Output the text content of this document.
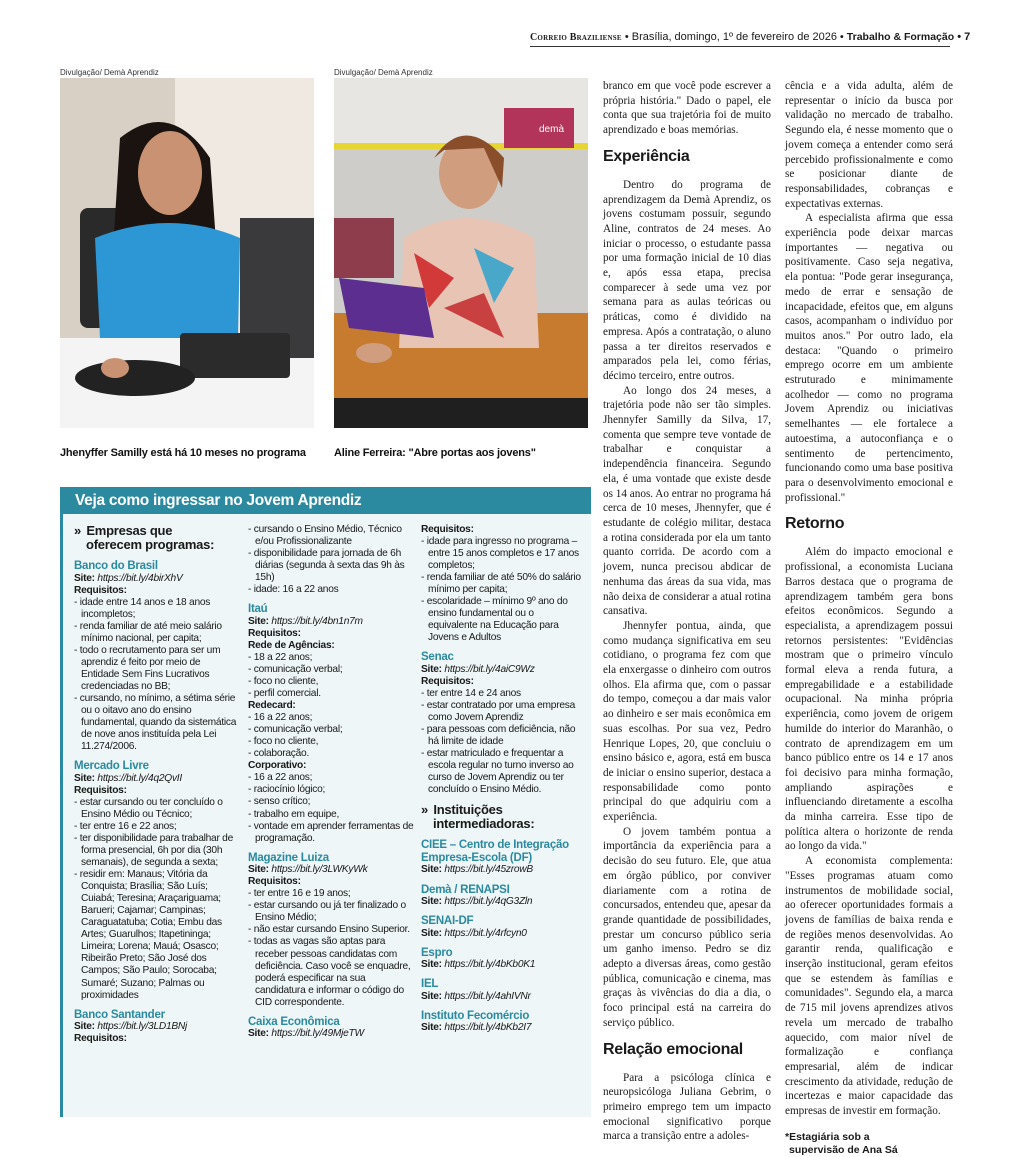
Correio Braziliense • Brasília, domingo, 1º de fevereiro de 2026 • Trabalho & Formação • 7
Divulgação/ Demà Aprendiz
Jhenyffer Samilly está há 10 meses no programa
Divulgação/ Demà Aprendiz
demà
Aline Ferreira: "Abre portas aos jovens"
Veja como ingressar no Jovem Aprendiz
» Empresas que
oferecem programas:
Banco do Brasil
Site: https://bit.ly/4birXhV
Requisitos:
- idade entre 14 anos e 18 anos incompletos;
- renda familiar de até meio salário mínimo nacional, per capita;
- todo o recrutamento para ser um aprendiz é feito por meio de Entidade Sem Fins Lucrativos credenciadas no BB;
- cursando, no mínimo, a sétima série ou o oitavo ano do ensino fundamental, quando da sistemática de nove anos instituída pela Lei 11.274/2006.
Mercado Livre
Site: https://bit.ly/4q2QvII
Requisitos:
- estar cursando ou ter concluído o Ensino Médio ou Técnico;
- ter entre 16 e 22 anos;
- ter disponibilidade para trabalhar de forma presencial, 6h por dia (30h semanais), de segunda a sexta;
- residir em: Manaus; Vitória da Conquista; Brasília; São Luís; Cuiabá; Teresina; Araçariguama; Barueri; Cajamar; Campinas; Caraguatatuba; Cotia; Embu das Artes; Guarulhos; Itapetininga; Limeira; Lorena; Mauá; Osasco; Ribeirão Preto; São José dos Campos; São Paulo; Sorocaba; Sumaré; Suzano; Palmas ou proximidades
Banco Santander
Site: https://bit.ly/3LD1BNj
Requisitos:
- cursando o Ensino Médio, Técnico e/ou Profissionalizante
- disponibilidade para jornada de 6h diárias (segunda à sexta das 9h às 15h)
- idade: 16 a 22 anos
Itaú
Site: https://bit.ly/4bn1n7m
Requisitos:
Rede de Agências:
- 18 a 22 anos;
- comunicação verbal;
- foco no cliente,
- perfil comercial.
Redecard:
- 16 a 22 anos;
- comunicação verbal;
- foco no cliente,
- colaboração.
Corporativo:
- 16 a 22 anos;
- raciocínio lógico;
- senso crítico;
- trabalho em equipe,
- vontade em aprender ferramentas de programação.
Magazine Luiza
Site: https://bit.ly/3LWKyWk
Requisitos:
- ter entre 16 e 19 anos;
- estar cursando ou já ter finalizado o Ensino Médio;
- não estar cursando Ensino Superior.
- todas as vagas são aptas para receber pessoas candidatas com deficiência. Caso você se enquadre, poderá especificar na sua candidatura e informar o código do CID correspondente.
Caixa Econômica
Site: https://bit.ly/49MjeTW
Requisitos:
- idade para ingresso no programa – entre 15 anos completos e 17 anos completos;
- renda familiar de até 50% do salário mínimo per capita;
- escolaridade – mínimo 9º ano do ensino fundamental ou o equivalente na Educação para Jovens e Adultos
Senac
Site: https://bit.ly/4aiC9Wz
Requisitos:
- ter entre 14 e 24 anos
- estar contratado por uma empresa como Jovem Aprendiz
- para pessoas com deficiência, não há limite de idade
- estar matriculado e frequentar a escola regular no turno inverso ao curso de Jovem Aprendiz ou ter concluído o Ensino Médio.
» Instituições
intermediadoras:
CIEE – Centro de Integração Empresa-Escola (DF)
Site: https://bit.ly/45zrowB
Demà / RENAPSI
Site: https://bit.ly/4qG3Zln
SENAI-DF
Site: https://bit.ly/4rfcyn0
Espro
Site: https://bit.ly/4bKb0K1
IEL
Site: https://bit.ly/4ahIVNr
Instituto Fecomércio
Site: https://bit.ly/4bKb2I7

branco em que você pode escrever a própria história." Dado o papel, ele conta que sua trajetória foi de muito aprendizado e boas memórias.

Experiência

Dentro do programa de aprendizagem da Demà Aprendiz, os jovens costumam possuir, segundo Aline, contratos de 24 meses. Ao iniciar o processo, o estudante passa por uma formação inicial de 10 dias e, após essa etapa, precisa comparecer à sede uma vez por semana para as aulas teóricas ou práticas, como é dividido na empresa. Após a contratação, o aluno passa a ter direitos reservados e amparados pela lei, como férias, décimo terceiro, entre outros.

Ao longo dos 24 meses, a trajetória pode não ser tão simples. Jhennyfer Samilly da Silva, 17, comenta que sempre teve vontade de trabalhar e conquistar a independência financeira. Segundo ela, é uma vontade que existe desde os 14 anos. Ao entrar no programa há cerca de 10 meses, Jhennyfer, que é estudante de colégio militar, destaca a rotina considerada por ela um tanto quanto corrida. De acordo com a jovem, nunca precisou abdicar de nenhuma das áreas da sua vida, mas não deixa de considerar a atual rotina cansativa.

Jhennyfer pontua, ainda, que como mudança significativa em seu cotidiano, o programa fez com que ela enxergasse o dinheiro com outros olhos. Ela afirma que, com o passar do tempo, começou a dar mais valor ao dinheiro e ser mais econômica em suas escolhas. Por sua vez, Pedro Henrique Lopes, 20, que concluiu o ensino básico e, agora, está em busca de iniciar o ensino superior, destaca a responsabilidade como ponto principal do que adquiriu com a experiência.

O jovem também pontua a importância da experiência para a decisão do seu futuro. Ele, que atua em órgão público, por conviver diariamente com a rotina de concursados, entendeu que, apesar da grande quantidade de possibilidades, prestar um concurso público seria um ganho imenso. Pedro se diz adepto a diversas áreas, como gestão pública, comunicação e cinema, mas graças às vivências do dia a dia, o foco principal está na carreira do serviço público.

Relação emocional

Para a psicóloga clínica e neuropsicóloga Juliana Gebrim, o primeiro emprego tem um impacto emocional significativo porque marca a transição entre a adoles-

cência e a vida adulta, além de representar o início da busca por validação no mercado de trabalho. Segundo ela, é nesse momento que o jovem começa a entender como será percebido profissionalmente e como se posicionar diante de responsabilidades, cobranças e expectativas externas.

A especialista afirma que essa experiência pode deixar marcas importantes — negativa ou positivamente. Caso seja negativa, ela pontua: "Pode gerar insegurança, medo de errar e sensação de incapacidade, efeitos que, em alguns casos, acompanham o indivíduo por muitos anos." Por outro lado, ela destaca: "Quando o primeiro emprego ocorre em um ambiente estruturado e minimamente acolhedor — como no programa Jovem Aprendiz ou iniciativas semelhantes — ele fortalece a autoestima, a autoconfiança e o sentimento de pertencimento, funcionando como uma base positiva para o desenvolvimento emocional e profissional."

Retorno

Além do impacto emocional e profissional, a economista Luciana Barros destaca que o programa de aprendizagem também gera bons efeitos econômicos. Segundo a especialista, a aprendizagem possui retornos persistentes: "Evidências mostram que o primeiro vínculo formal eleva a renda futura, a empregabilidade e a estabilidade ocupacional. Na minha própria experiência, como jovem de origem humilde do interior do Maranhão, o contrato de aprendizagem em um banco público entre os 14 e 17 anos foi decisivo para minha formação, ampliando aspirações e influenciando diretamente a escolha da minha carreira. Esse tipo de política altera o horizonte de renda ao longo da vida."

A economista complementa: "Esses programas atuam como instrumentos de mobilidade social, ao oferecer oportunidades formais a jovens de famílias de baixa renda e de regiões menos desenvolvidas. Ao garantir renda, qualificação e inserção institucional, geram efeitos que se estendem às famílias e comunidades". Segundo ela, a marca de 715 mil jovens aprendizes ativos revela um mercado de trabalho aquecido, com maior nível de formalização e confiança empresarial, além de indicar crescimento da atividade, redução de incertezas e maior capacidade das empresas de investir em formação.

*Estagiária sob a
supervisão de Ana Sá
